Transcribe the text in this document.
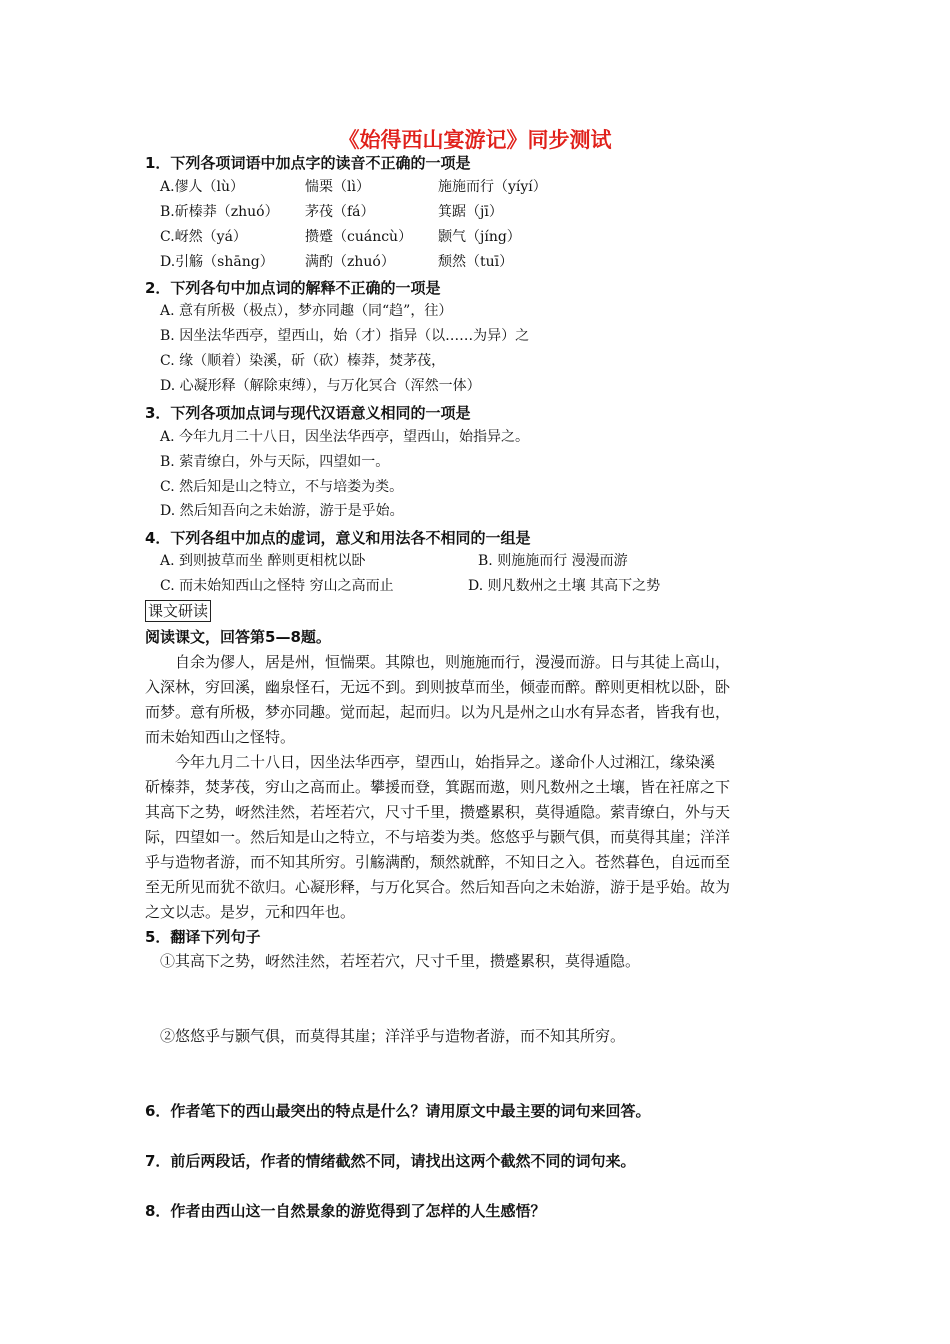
《始得西山宴游记》同步测试
1．下列各项词语中加点字的读音不正确的一项是
A.僇人（lù）	惴栗（lì）	施施而行（yíyí）
B.斫榛莽（zhuó） 茅茷（fá）	箕踞（jī）
C.岈然（yá）	攒蹙（cuáncù） 颢气（jíng）
D.引觞（shāng） 满酌（zhuó）	颓然（tuī）
2．下列各句中加点词的解释不正确的一项是
A. 意有所极（极点），梦亦同趣（同“趋”，往）
B. 因坐法华西亭，望西山，始（才）指异（以……为异）之
C. 缘（顺着）染溪，斫（砍）榛莽，焚茅茷，
D. 心凝形释（解除束缚），与万化冥合（浑然一体）
3．下列各项加点词与现代汉语意义相同的一项是
A. 今年九月二十八日，因坐法华西亭，望西山，始指异之。
B. 萦青缭白，外与天际，四望如一。
C. 然后知是山之特立，不与培娄为类。
D. 然后知吾向之未始游，游于是乎始。
4．下列各组中加点的虚词，意义和用法各不相同的一组是
A. 到则披草而坐 醉则更相枕以卧	B. 则施施而行 漫漫而游
C. 而未始知西山之怪特 穷山之高而止	D. 则凡数州之土壤 其高下之势
课文研读
阅读课文，回答第5—8题。
自余为僇人，居是州，恒惴栗。其隙也，则施施而行，漫漫而游。日与其徒上高山，
入深林，穷回溪，幽泉怪石，无远不到。到则披草而坐，倾壶而醉。醉则更相枕以卧，卧
而梦。意有所极，梦亦同趣。觉而起，起而归。以为凡是州之山水有异态者，皆我有也，
而未始知西山之怪特。
今年九月二十八日，因坐法华西亭，望西山，始指异之。遂命仆人过湘江，缘染溪
斫榛莽，焚茅茷，穷山之高而止。攀援而登，箕踞而遨，则凡数州之土壤，皆在衽席之下
其高下之势，岈然洼然，若垤若穴，尺寸千里，攒蹙累积，莫得遁隐。萦青缭白，外与天
际，四望如一。然后知是山之特立，不与培娄为类。悠悠乎与颢气俱，而莫得其崖；洋洋
乎与造物者游，而不知其所穷。引觞满酌，颓然就醉，不知日之入。苍然暮色，自远而至
至无所见而犹不欲归。心凝形释，与万化冥合。然后知吾向之未始游，游于是乎始。故为
之文以志。是岁，元和四年也。
5．翻译下列句子
①其高下之势，岈然洼然，若垤若穴，尺寸千里，攒蹙累积，莫得遁隐。
②悠悠乎与颢气俱，而莫得其崖；洋洋乎与造物者游，而不知其所穷。
6．作者笔下的西山最突出的特点是什么？请用原文中最主要的词句来回答。
7．前后两段话，作者的情绪截然不同，请找出这两个截然不同的词句来。
8．作者由西山这一自然景象的游览得到了怎样的人生感悟？
